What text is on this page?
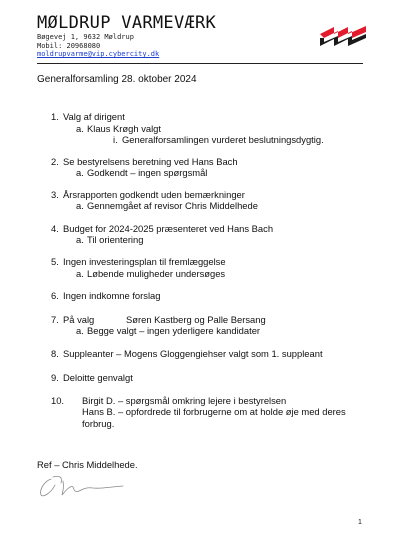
MØLDRUP VARMEVÆRK
Bøgevej 1, 9632 Møldrup
Mobil: 20968080
moldrupvarme@vip.cybercity.dk
Generalforsamling 28. oktober 2024
1. Valg af dirigent
a. Klaus Krøgh valgt
i. Generalforsamlingen vurderet beslutningsdygtig.
2. Se bestyrelsens beretning ved Hans Bach
a. Godkendt – ingen spørgsmål
3. Årsrapporten godkendt uden bemærkninger
a. Gennemgået af revisor Chris Middelhede
4. Budget for 2024-2025 præsenteret ved Hans Bach
a. Til orientering
5. Ingen investeringsplan til fremlæggelse
a. Løbende muligheder undersøges
6. Ingen indkomne forslag
7. På valg	Søren Kastberg og Palle Bersang
a. Begge valgt – ingen yderligere kandidater
8. Suppleanter – Mogens Gloggengiehser valgt som 1. suppleant
9. Deloitte genvalgt
10. Birgit D. – spørgsmål omkring lejere i bestyrelsen
Hans B. – opfordrede til forbrugerne om at holde øje med deres
forbrug.
Ref – Chris Middelhede.
1
